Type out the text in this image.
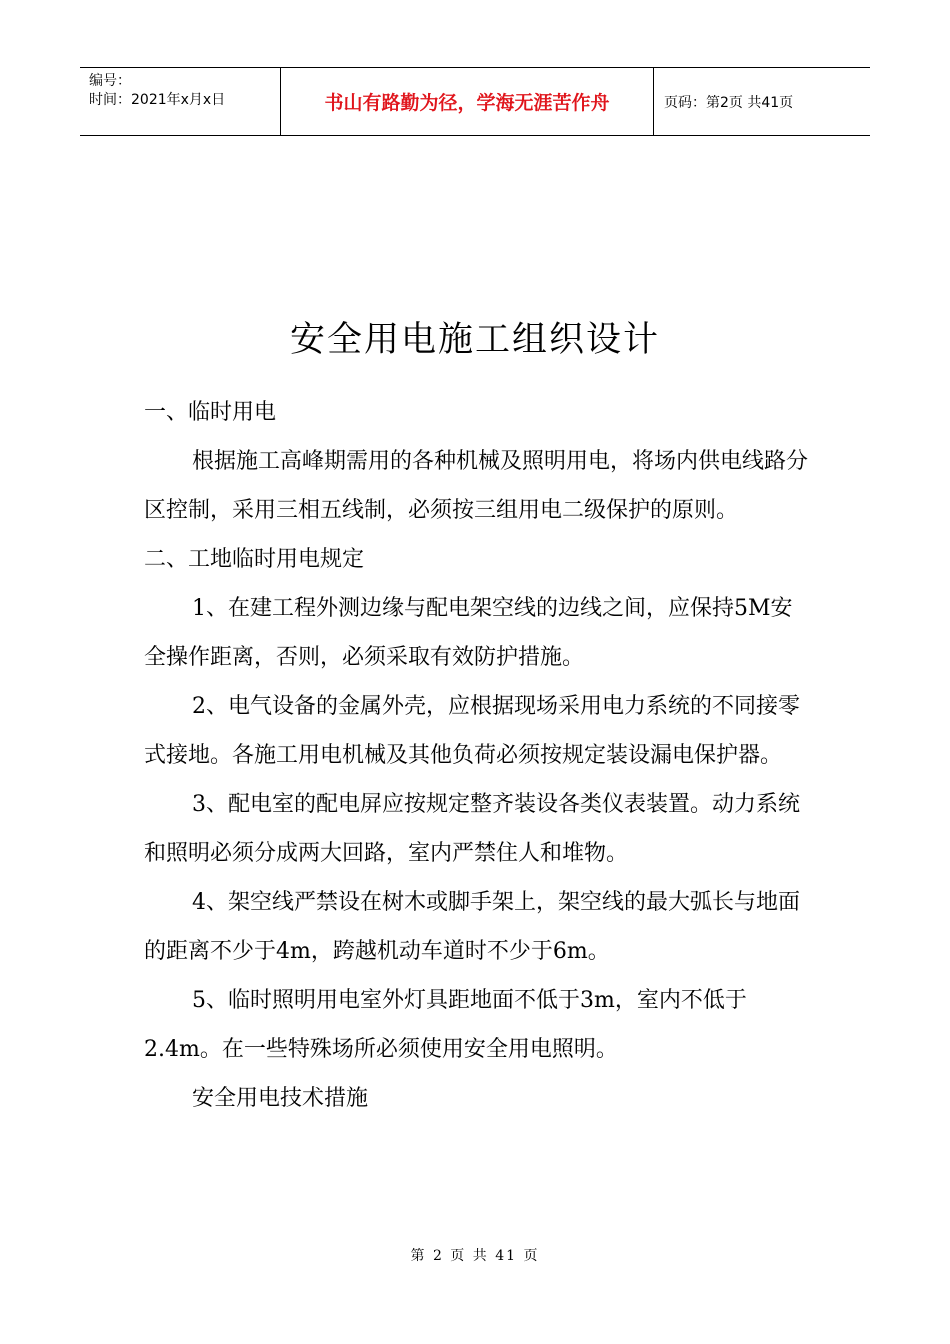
编号：
时间：2021年x月x日	书山有路勤为径，学海无涯苦作舟	页码：第2页 共41页
安全用电施工组织设计

一、临时用电

根据施工高峰期需用的各种机械及照明用电，将场内供电线路分区控制，采用三相五线制，必须按三组用电二级保护的原则。

二、工地临时用电规定

1、在建工程外测边缘与配电架空线的边线之间，应保持5M安全操作距离，否则，必须采取有效防护措施。

2、电气设备的金属外壳，应根据现场采用电力系统的不同接零式接地。各施工用电机械及其他负荷必须按规定装设漏电保护器。

3、配电室的配电屏应按规定整齐装设各类仪表装置。动力系统和照明必须分成两大回路，室内严禁住人和堆物。

4、架空线严禁设在树木或脚手架上，架空线的最大弧长与地面的距离不少于4m，跨越机动车道时不少于6m。

5、临时照明用电室外灯具距地面不低于3m，室内不低于2.4m。在一些特殊场所必须使用安全用电照明。

安全用电技术措施

第 2 页 共 41 页
